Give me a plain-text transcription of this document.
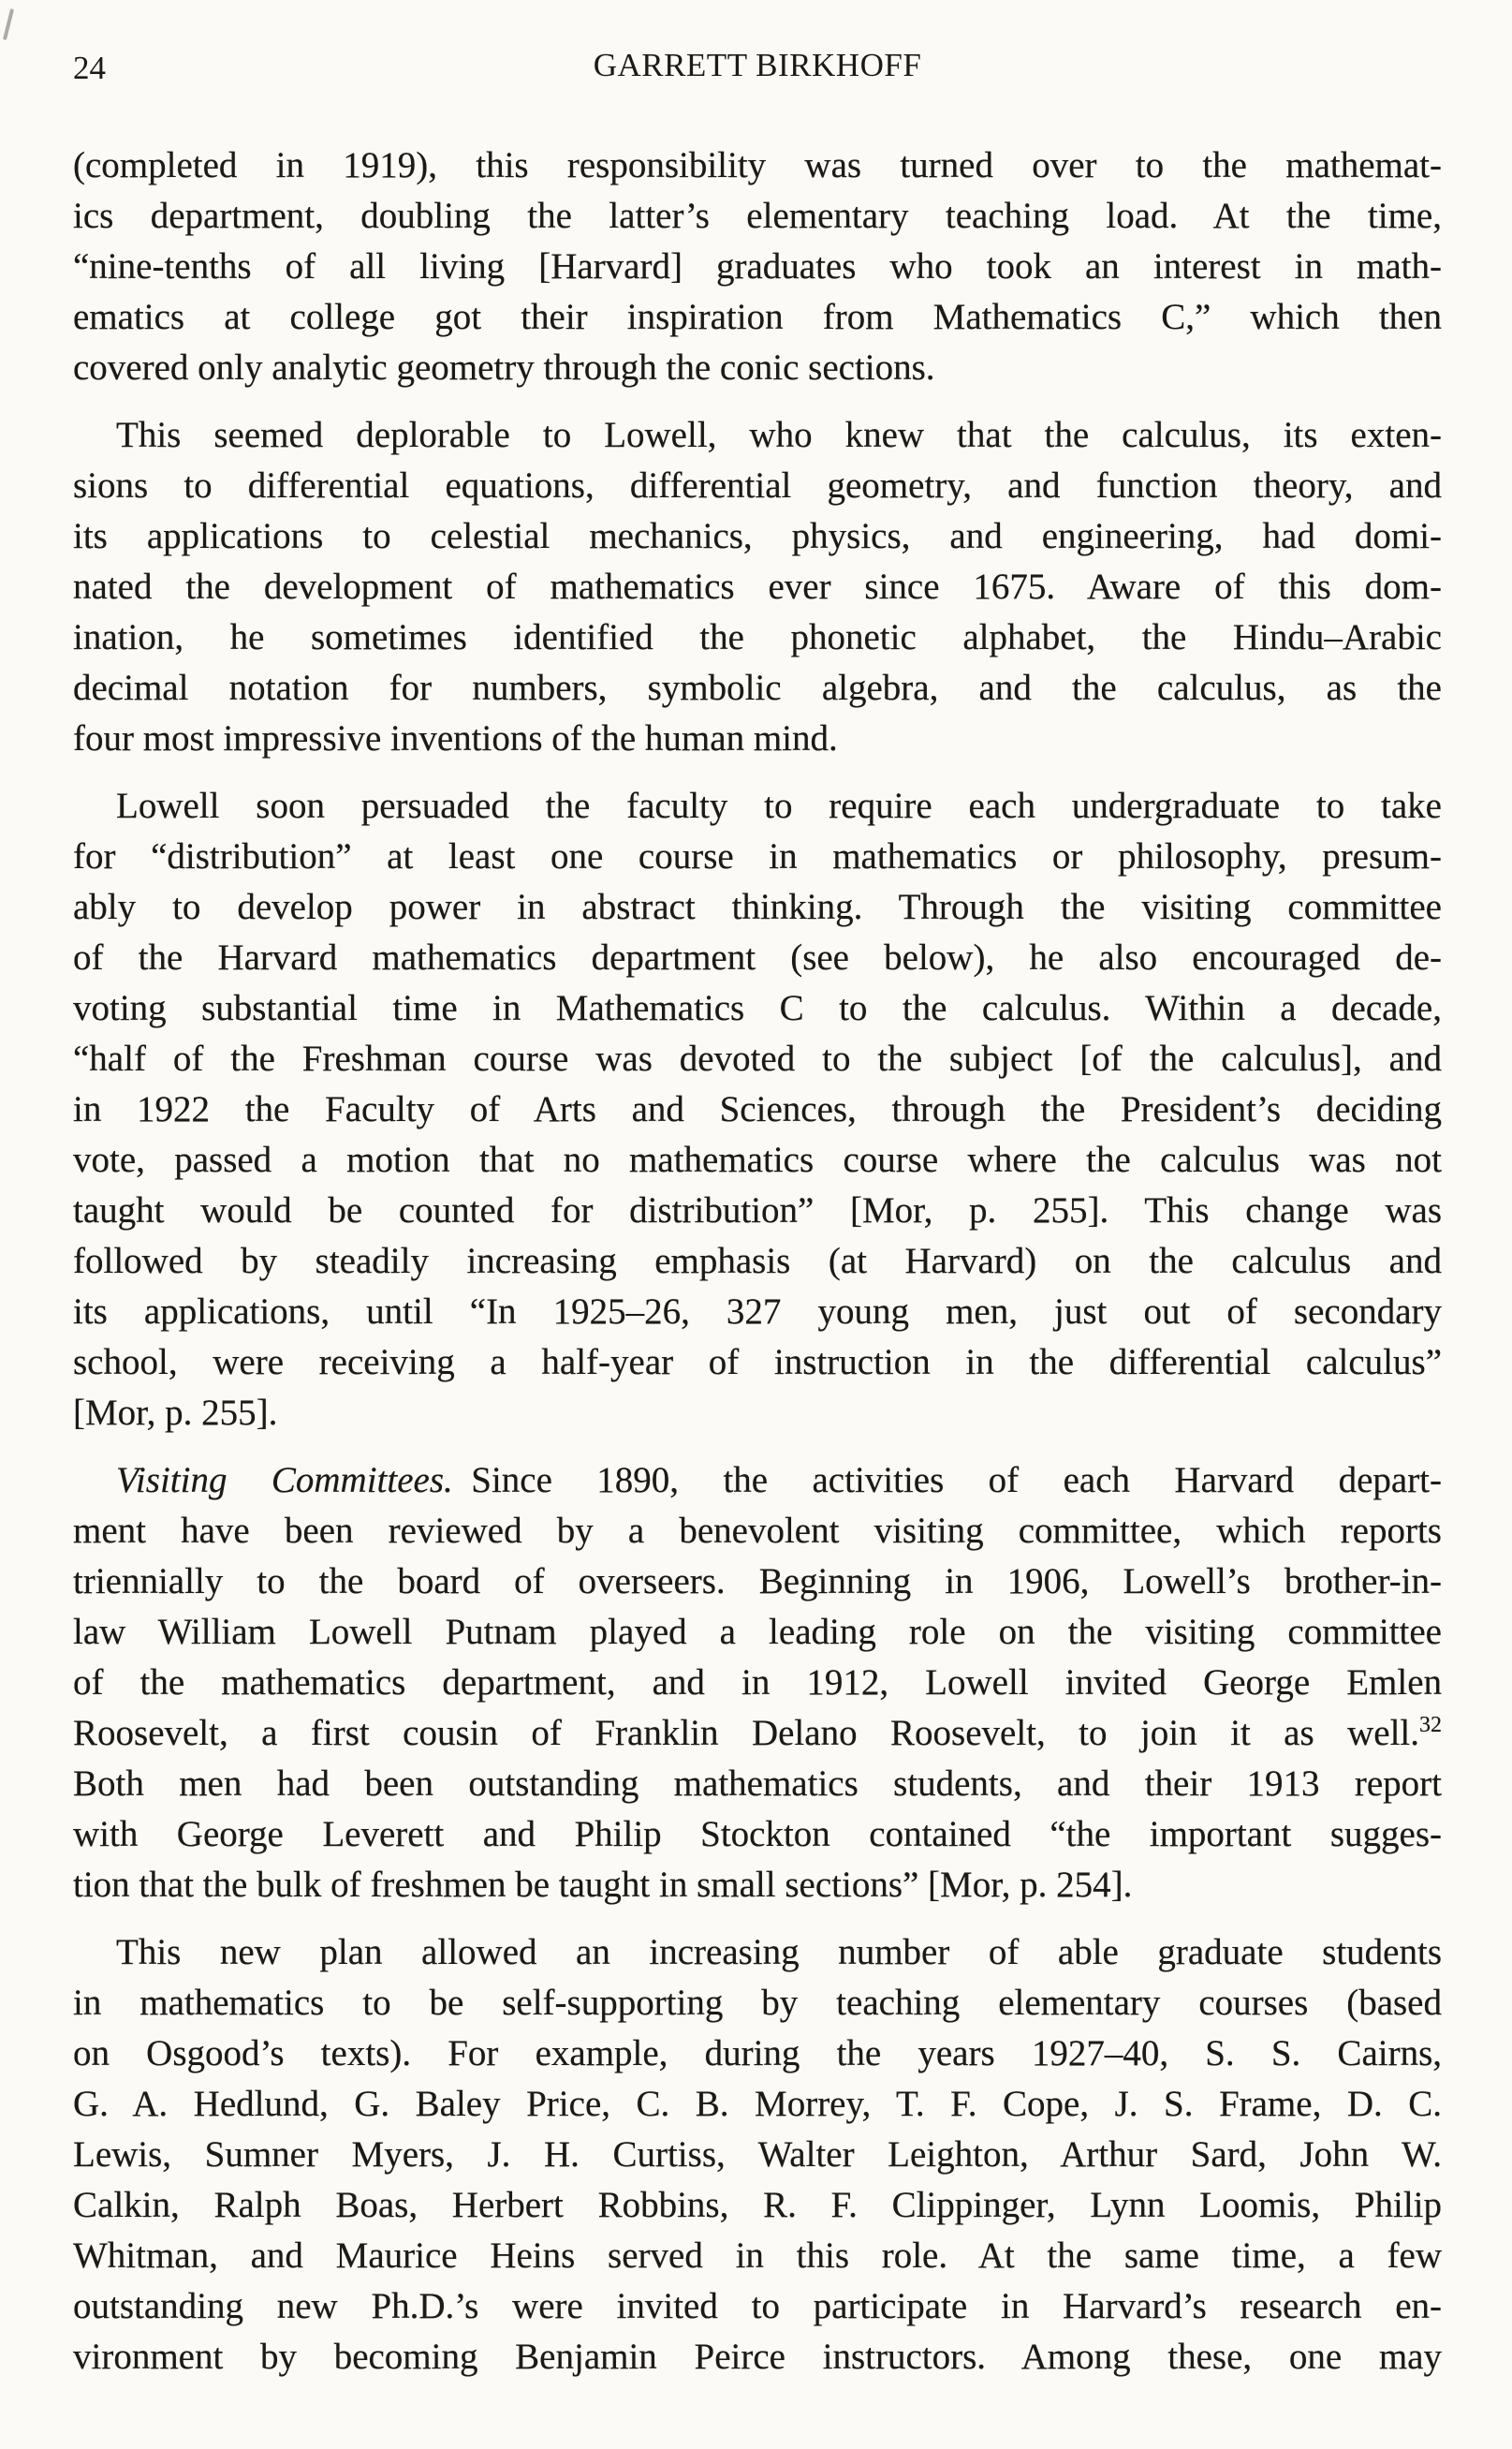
24	GARRETT BIRKHOFF
(completed in 1919), this responsibility was turned over to the mathemat-
ics department, doubling the latter’s elementary teaching load. At the time,
“nine-tenths of all living [Harvard] graduates who took an interest in math-
ematics at college got their inspiration from Mathematics C,” which then
covered only analytic geometry through the conic sections.
This seemed deplorable to Lowell, who knew that the calculus, its exten-
sions to differential equations, differential geometry, and function theory, and
its applications to celestial mechanics, physics, and engineering, had domi-
nated the development of mathematics ever since 1675. Aware of this dom-
ination, he sometimes identified the phonetic alphabet, the Hindu–Arabic
decimal notation for numbers, symbolic algebra, and the calculus, as the
four most impressive inventions of the human mind.
Lowell soon persuaded the faculty to require each undergraduate to take
for “distribution” at least one course in mathematics or philosophy, presum-
ably to develop power in abstract thinking. Through the visiting committee
of the Harvard mathematics department (see below), he also encouraged de-
voting substantial time in Mathematics C to the calculus. Within a decade,
“half of the Freshman course was devoted to the subject [of the calculus], and
in 1922 the Faculty of Arts and Sciences, through the President’s deciding
vote, passed a motion that no mathematics course where the calculus was not
taught would be counted for distribution” [Mor, p. 255]. This change was
followed by steadily increasing emphasis (at Harvard) on the calculus and
its applications, until “In 1925–26, 327 young men, just out of secondary
school, were receiving a half-year of instruction in the differential calculus”
[Mor, p. 255].
Visiting Committees. Since 1890, the activities of each Harvard depart-
ment have been reviewed by a benevolent visiting committee, which reports
triennially to the board of overseers. Beginning in 1906, Lowell’s brother-in-
law William Lowell Putnam played a leading role on the visiting committee
of the mathematics department, and in 1912, Lowell invited George Emlen
Roosevelt, a first cousin of Franklin Delano Roosevelt, to join it as well.$^{32}$
Both men had been outstanding mathematics students, and their 1913 report
with George Leverett and Philip Stockton contained “the important sugges-
tion that the bulk of freshmen be taught in small sections” [Mor, p. 254].
This new plan allowed an increasing number of able graduate students
in mathematics to be self-supporting by teaching elementary courses (based
on Osgood’s texts). For example, during the years 1927–40, S. S. Cairns,
G. A. Hedlund, G. Baley Price, C. B. Morrey, T. F. Cope, J. S. Frame, D. C.
Lewis, Sumner Myers, J. H. Curtiss, Walter Leighton, Arthur Sard, John W.
Calkin, Ralph Boas, Herbert Robbins, R. F. Clippinger, Lynn Loomis, Philip
Whitman, and Maurice Heins served in this role. At the same time, a few
outstanding new Ph.D.’s were invited to participate in Harvard’s research en-
vironment by becoming Benjamin Peirce instructors. Among these, one may
